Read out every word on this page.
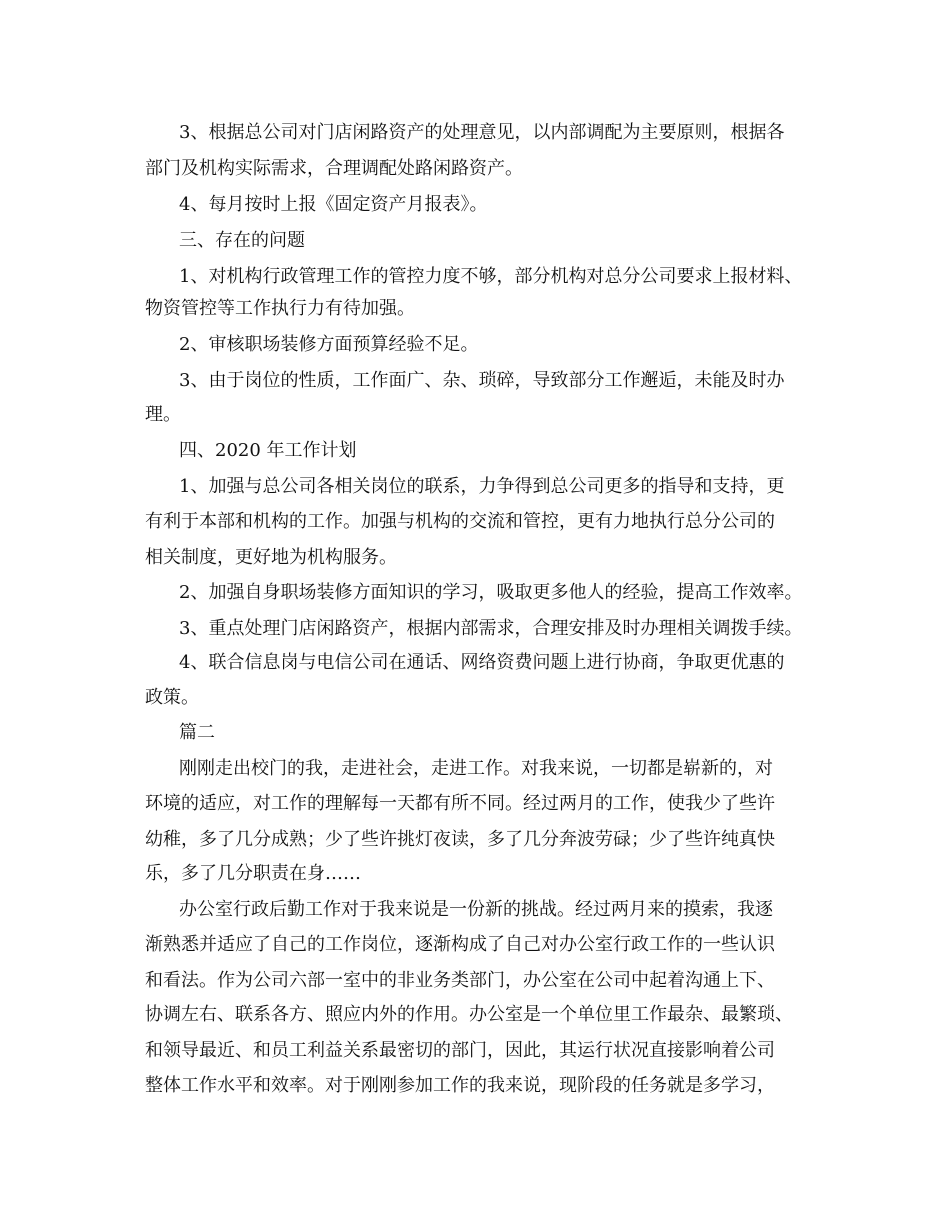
3、根据总公司对门店闲路资产的处理意见，以内部调配为主要原则，根据各
部门及机构实际需求，合理调配处路闲路资产。
4、每月按时上报《固定资产月报表》。
三、存在的问题
1、对机构行政管理工作的管控力度不够，部分机构对总分公司要求上报材料、
物资管控等工作执行力有待加强。
2、审核职场装修方面预算经验不足。
3、由于岗位的性质，工作面广、杂、琐碎，导致部分工作邂逅，未能及时办
理。
四、2020 年工作计划
1、加强与总公司各相关岗位的联系，力争得到总公司更多的指导和支持，更
有利于本部和机构的工作。加强与机构的交流和管控，更有力地执行总分公司的
相关制度，更好地为机构服务。
2、加强自身职场装修方面知识的学习，吸取更多他人的经验，提高工作效率。
3、重点处理门店闲路资产，根据内部需求，合理安排及时办理相关调拨手续。
4、联合信息岗与电信公司在通话、网络资费问题上进行协商，争取更优惠的
政策。
篇二
刚刚走出校门的我，走进社会，走进工作。对我来说，一切都是崭新的，对
环境的适应，对工作的理解每一天都有所不同。经过两月的工作，使我少了些许
幼稚，多了几分成熟；少了些许挑灯夜读，多了几分奔波劳碌；少了些许纯真快
乐，多了几分职责在身……
办公室行政后勤工作对于我来说是一份新的挑战。经过两月来的摸索，我逐
渐熟悉并适应了自己的工作岗位，逐渐构成了自己对办公室行政工作的一些认识
和看法。作为公司六部一室中的非业务类部门，办公室在公司中起着沟通上下、
协调左右、联系各方、照应内外的作用。办公室是一个单位里工作最杂、最繁琐、
和领导最近、和员工利益关系最密切的部门，因此，其运行状况直接影响着公司
整体工作水平和效率。对于刚刚参加工作的我来说，现阶段的任务就是多学习，
